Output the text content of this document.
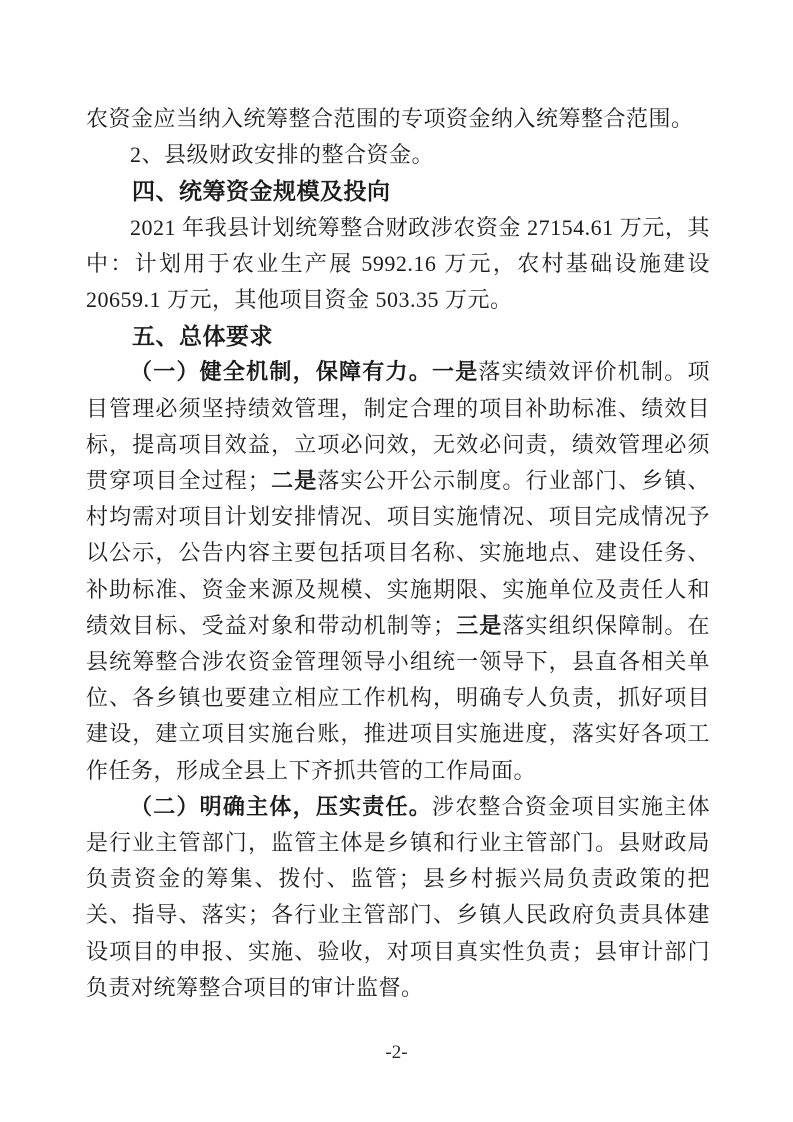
农资金应当纳入统筹整合范围的专项资金纳入统筹整合范围。

2、县级财政安排的整合资金。

四、统筹资金规模及投向

2021 年我县计划统筹整合财政涉农资金 27154.61 万元，其中：计划用于农业生产展 5992.16 万元，农村基础设施建设 20659.1 万元，其他项目资金 503.35 万元。

五、总体要求

（一）健全机制，保障有力。一是落实绩效评价机制。项目管理必须坚持绩效管理，制定合理的项目补助标准、绩效目标，提高项目效益，立项必问效，无效必问责，绩效管理必须贯穿项目全过程；二是落实公开公示制度。行业部门、乡镇、村均需对项目计划安排情况、项目实施情况、项目完成情况予以公示，公告内容主要包括项目名称、实施地点、建设任务、补助标准、资金来源及规模、实施期限、实施单位及责任人和绩效目标、受益对象和带动机制等；三是落实组织保障制。在县统筹整合涉农资金管理领导小组统一领导下，县直各相关单位、各乡镇也要建立相应工作机构，明确专人负责，抓好项目建设，建立项目实施台账，推进项目实施进度，落实好各项工作任务，形成全县上下齐抓共管的工作局面。

（二）明确主体，压实责任。涉农整合资金项目实施主体是行业主管部门，监管主体是乡镇和行业主管部门。县财政局负责资金的筹集、拨付、监管；县乡村振兴局负责政策的把关、指导、落实；各行业主管部门、乡镇人民政府负责具体建设项目的申报、实施、验收，对项目真实性负责；县审计部门负责对统筹整合项目的审计监督。

-2-
